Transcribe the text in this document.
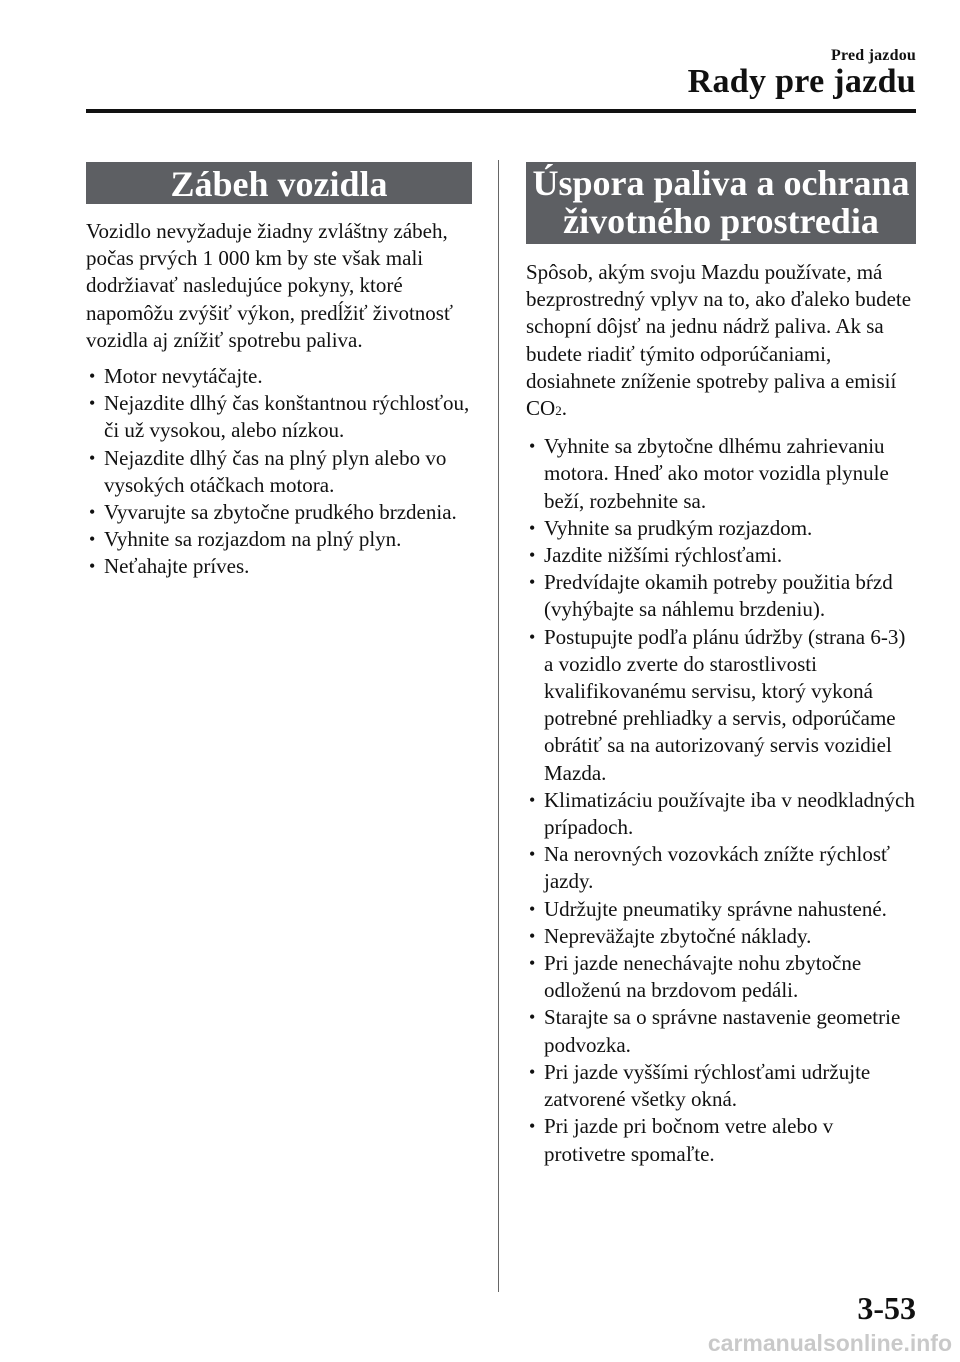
Pred jazdou
Rady pre jazdu
Zábeh vozidla

Vozidlo nevyžaduje žiadny zvláštny zábeh, počas prvých 1 000 km by ste však mali dodržiavať nasledujúce pokyny, ktoré napomôžu zvýšiť výkon, predĺžiť životnosť vozidla aj znížiť spotrebu paliva.

• Motor nevytáčajte.
• Nejazdite dlhý čas konštantnou rýchlosťou, či už vysokou, alebo nízkou.
• Nejazdite dlhý čas na plný plyn alebo vo vysokých otáčkach motora.
• Vyvarujte sa zbytočne prudkého brzdenia.
• Vyhnite sa rozjazdom na plný plyn.
• Neťahajte príves.
Úspora paliva a ochrana
životného prostredia

Spôsob, akým svoju Mazdu používate, má bezprostredný vplyv na to, ako ďaleko budete schopní dôjsť na jednu nádrž paliva. Ak sa budete riadiť týmito odporúčaniami, dosiahnete zníženie spotreby paliva a emisií CO2.

• Vyhnite sa zbytočne dlhému zahrievaniu motora. Hneď ako motor vozidla plynule beží, rozbehnite sa.
• Vyhnite sa prudkým rozjazdom.
• Jazdite nižšími rýchlosťami.
• Predvídajte okamih potreby použitia bŕzd (vyhýbajte sa náhlemu brzdeniu).
• Postupujte podľa plánu údržby (strana 6-3) a vozidlo zverte do starostlivosti kvalifikovanému servisu, ktorý vykoná potrebné prehliadky a servis, odporúčame obrátiť sa na autorizovaný servis vozidiel Mazda.
• Klimatizáciu používajte iba v neodkladných prípadoch.
• Na nerovných vozovkách znížte rýchlosť jazdy.
• Udržujte pneumatiky správne nahustené.
• Nepreväžajte zbytočné náklady.
• Pri jazde nenechávajte nohu zbytočne odloženú na brzdovom pedáli.
• Starajte sa o správne nastavenie geometrie podvozka.
• Pri jazde vyššími rýchlosťami udržujte zatvorené všetky okná.
• Pri jazde pri bočnom vetre alebo v protivetre spomaľte.
3-53
carmanualsonline.info
